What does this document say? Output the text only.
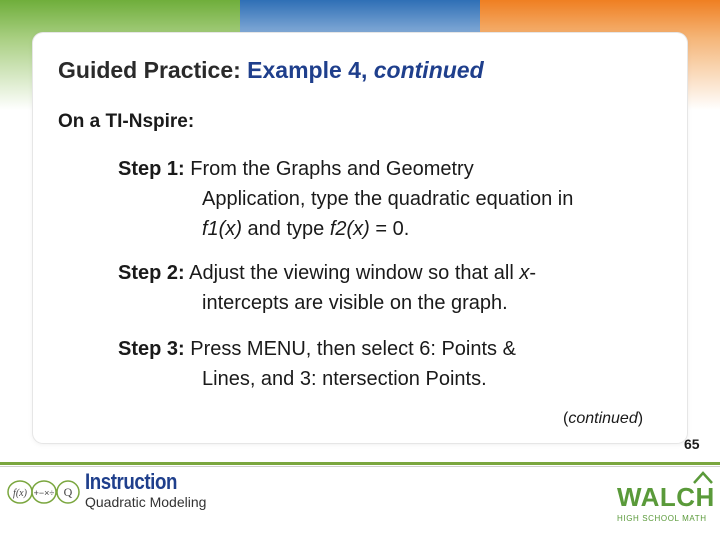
Guided Practice: Example 4, continued
On a TI-Nspire:
Step 1: From the Graphs and Geometry
Application, type the quadratic equation in
f1(x) and type f2(x) = 0.
Step 2: Adjust the viewing window so that all x-
intercepts are visible on the graph.
Step 3: Press MENU, then select 6: Points &
Lines, and 3: ntersection Points.
(continued)
65
f(x) +−×÷ Q Instruction
Quadratic Modeling	WALCH
HIGH SCHOOL MATH
